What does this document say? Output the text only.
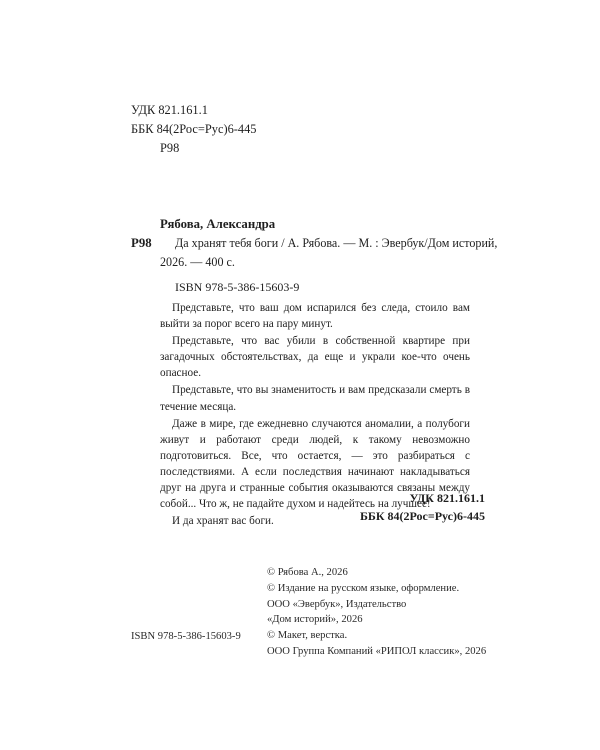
УДК 821.161.1
ББК 84(2Рос=Рус)6-445
Р98
Рябова, Александра
Р98 Да хранят тебя боги / А. Рябова. — М. : Эвербук/Дом историй,
2026. — 400 с.
ISBN 978-5-386-15603-9

Представьте, что ваш дом испарился без следа, стоило вам выйти за порог всего на пару минут.

Представьте, что вас убили в собственной квартире при загадочных обстоятельствах, да еще и украли кое-что очень опасное.

Представьте, что вы знаменитость и вам предсказали смерть в течение месяца.

Даже в мире, где ежедневно случаются аномалии, а полубоги живут и работают среди людей, к такому невозможно подготовиться. Все, что остается, — это разбираться с последствиями. А если последствия начинают накладываться друг на друга и странные события оказываются связаны между собой... Что ж, не падайте духом и надейтесь на лучшее!

И да хранят вас боги.

УДК 821.161.1
ББК 84(2Рос=Рус)6-445
© Рябова А., 2026
© Издание на русском языке, оформление.
ООО «Эвербук», Издательство
«Дом историй», 2026
© Макет, верстка.
ООО Группа Компаний «РИПОЛ классик», 2026
ISBN 978-5-386-15603-9
